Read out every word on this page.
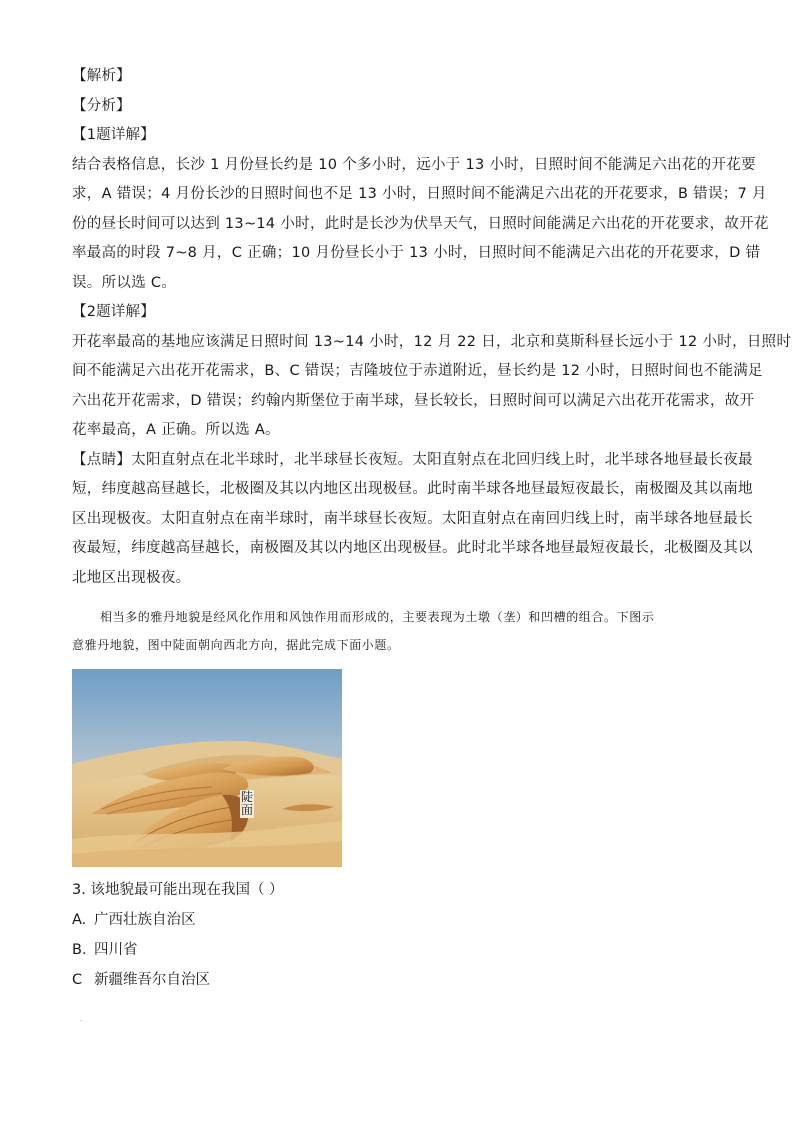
【解析】
【分析】
【1题详解】
结合表格信息，长沙 1 月份昼长约是 10 个多小时，远小于 13 小时，日照时间不能满足六出花的开花要
求，A 错误；4 月份长沙的日照时间也不足 13 小时，日照时间不能满足六出花的开花要求，B 错误；7 月
份的昼长时间可以达到 13~14 小时，此时是长沙为伏旱天气，日照时间能满足六出花的开花要求，故开花
率最高的时段 7~8 月，C 正确；10 月份昼长小于 13 小时，日照时间不能满足六出花的开花要求，D 错
误。所以选 C。
【2题详解】
开花率最高的基地应该满足日照时间 13~14 小时，12 月 22 日，北京和莫斯科昼长远小于 12 小时，日照时
间不能满足六出花开花需求，B、C 错误；吉隆坡位于赤道附近，昼长约是 12 小时，日照时间也不能满足
六出花开花需求，D 错误；约翰内斯堡位于南半球，昼长较长，日照时间可以满足六出花开花需求，故开
花率最高，A 正确。所以选 A。
【点睛】太阳直射点在北半球时，北半球昼长夜短。太阳直射点在北回归线上时，北半球各地昼最长夜最
短，纬度越高昼越长，北极圈及其以内地区出现极昼。此时南半球各地昼最短夜最长，南极圈及其以南地
区出现极夜。太阳直射点在南半球时，南半球昼长夜短。太阳直射点在南回归线上时，南半球各地昼最长
夜最短，纬度越高昼越长，南极圈及其以内地区出现极昼。此时北半球各地昼最短夜最长，北极圈及其以
北地区出现极夜。
相当多的雅丹地貌是经风化作用和风蚀作用而形成的，主要表现为土墩（垄）和凹槽的组合。下图示
意雅丹地貌，图中陡面朝向西北方向，据此完成下面小题。
陡面
3. 该地貌最可能出现在我国（ ）
A. 广西壮族自治区
B. 四川省
C 新疆维吾尔自治区
·
